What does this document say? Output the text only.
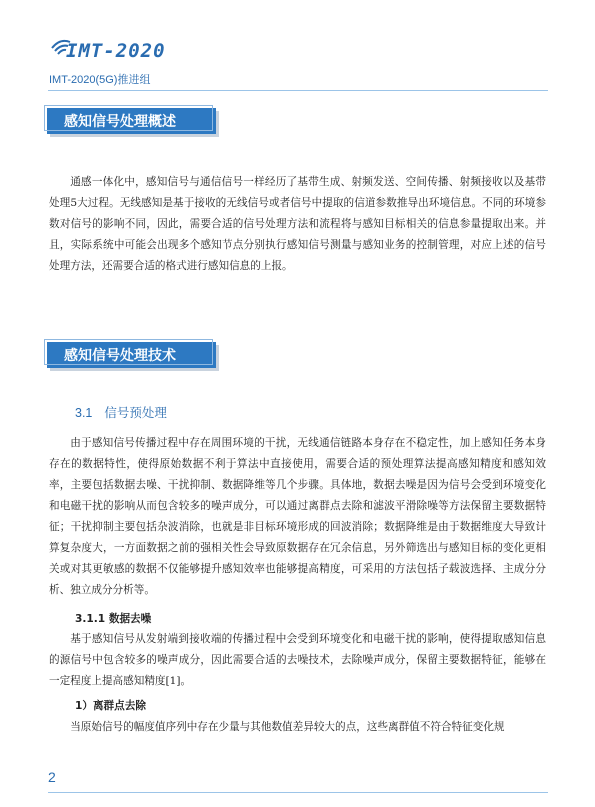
IMT-2020
IMT-2020(5G)推进组
感知信号处理概述

通感一体化中，感知信号与通信信号一样经历了基带生成、射频发送、空间传播、射频接收以及基带处理5大过程。无线感知是基于接收的无线信号或者信号中提取的信道参数推导出环境信息。不同的环境参数对信号的影响不同，因此，需要合适的信号处理方法和流程将与感知目标相关的信息参量提取出来。并且，实际系统中可能会出现多个感知节点分别执行感知信号测量与感知业务的控制管理，对应上述的信号处理方法，还需要合适的格式进行感知信息的上报。

感知信号处理技术
3.1 信号预处理

由于感知信号传播过程中存在周围环境的干扰，无线通信链路本身存在不稳定性，加上感知任务本身存在的数据特性，使得原始数据不利于算法中直接使用，需要合适的预处理算法提高感知精度和感知效率，主要包括数据去噪、干扰抑制、数据降维等几个步骤。具体地，数据去噪是因为信号会受到环境变化和电磁干扰的影响从而包含较多的噪声成分，可以通过离群点去除和滤波平滑除噪等方法保留主要数据特征；干扰抑制主要包括杂波消除，也就是非目标环境形成的回波消除；数据降维是由于数据维度大导致计算复杂度大，一方面数据之前的强相关性会导致原数据存在冗余信息，另外筛选出与感知目标的变化更相关或对其更敏感的数据不仅能够提升感知效率也能够提高精度，可采用的方法包括子载波选择、主成分分析、独立成分分析等。

3.1.1 数据去噪

基于感知信号从发射端到接收端的传播过程中会受到环境变化和电磁干扰的影响，使得提取感知信息的源信号中包含较多的噪声成分，因此需要合适的去噪技术，去除噪声成分，保留主要数据特征，能够在一定程度上提高感知精度[1]。

1）离群点去除

当原始信号的幅度值序列中存在少量与其他数值差异较大的点，这些离群值不符合特征变化规

2
